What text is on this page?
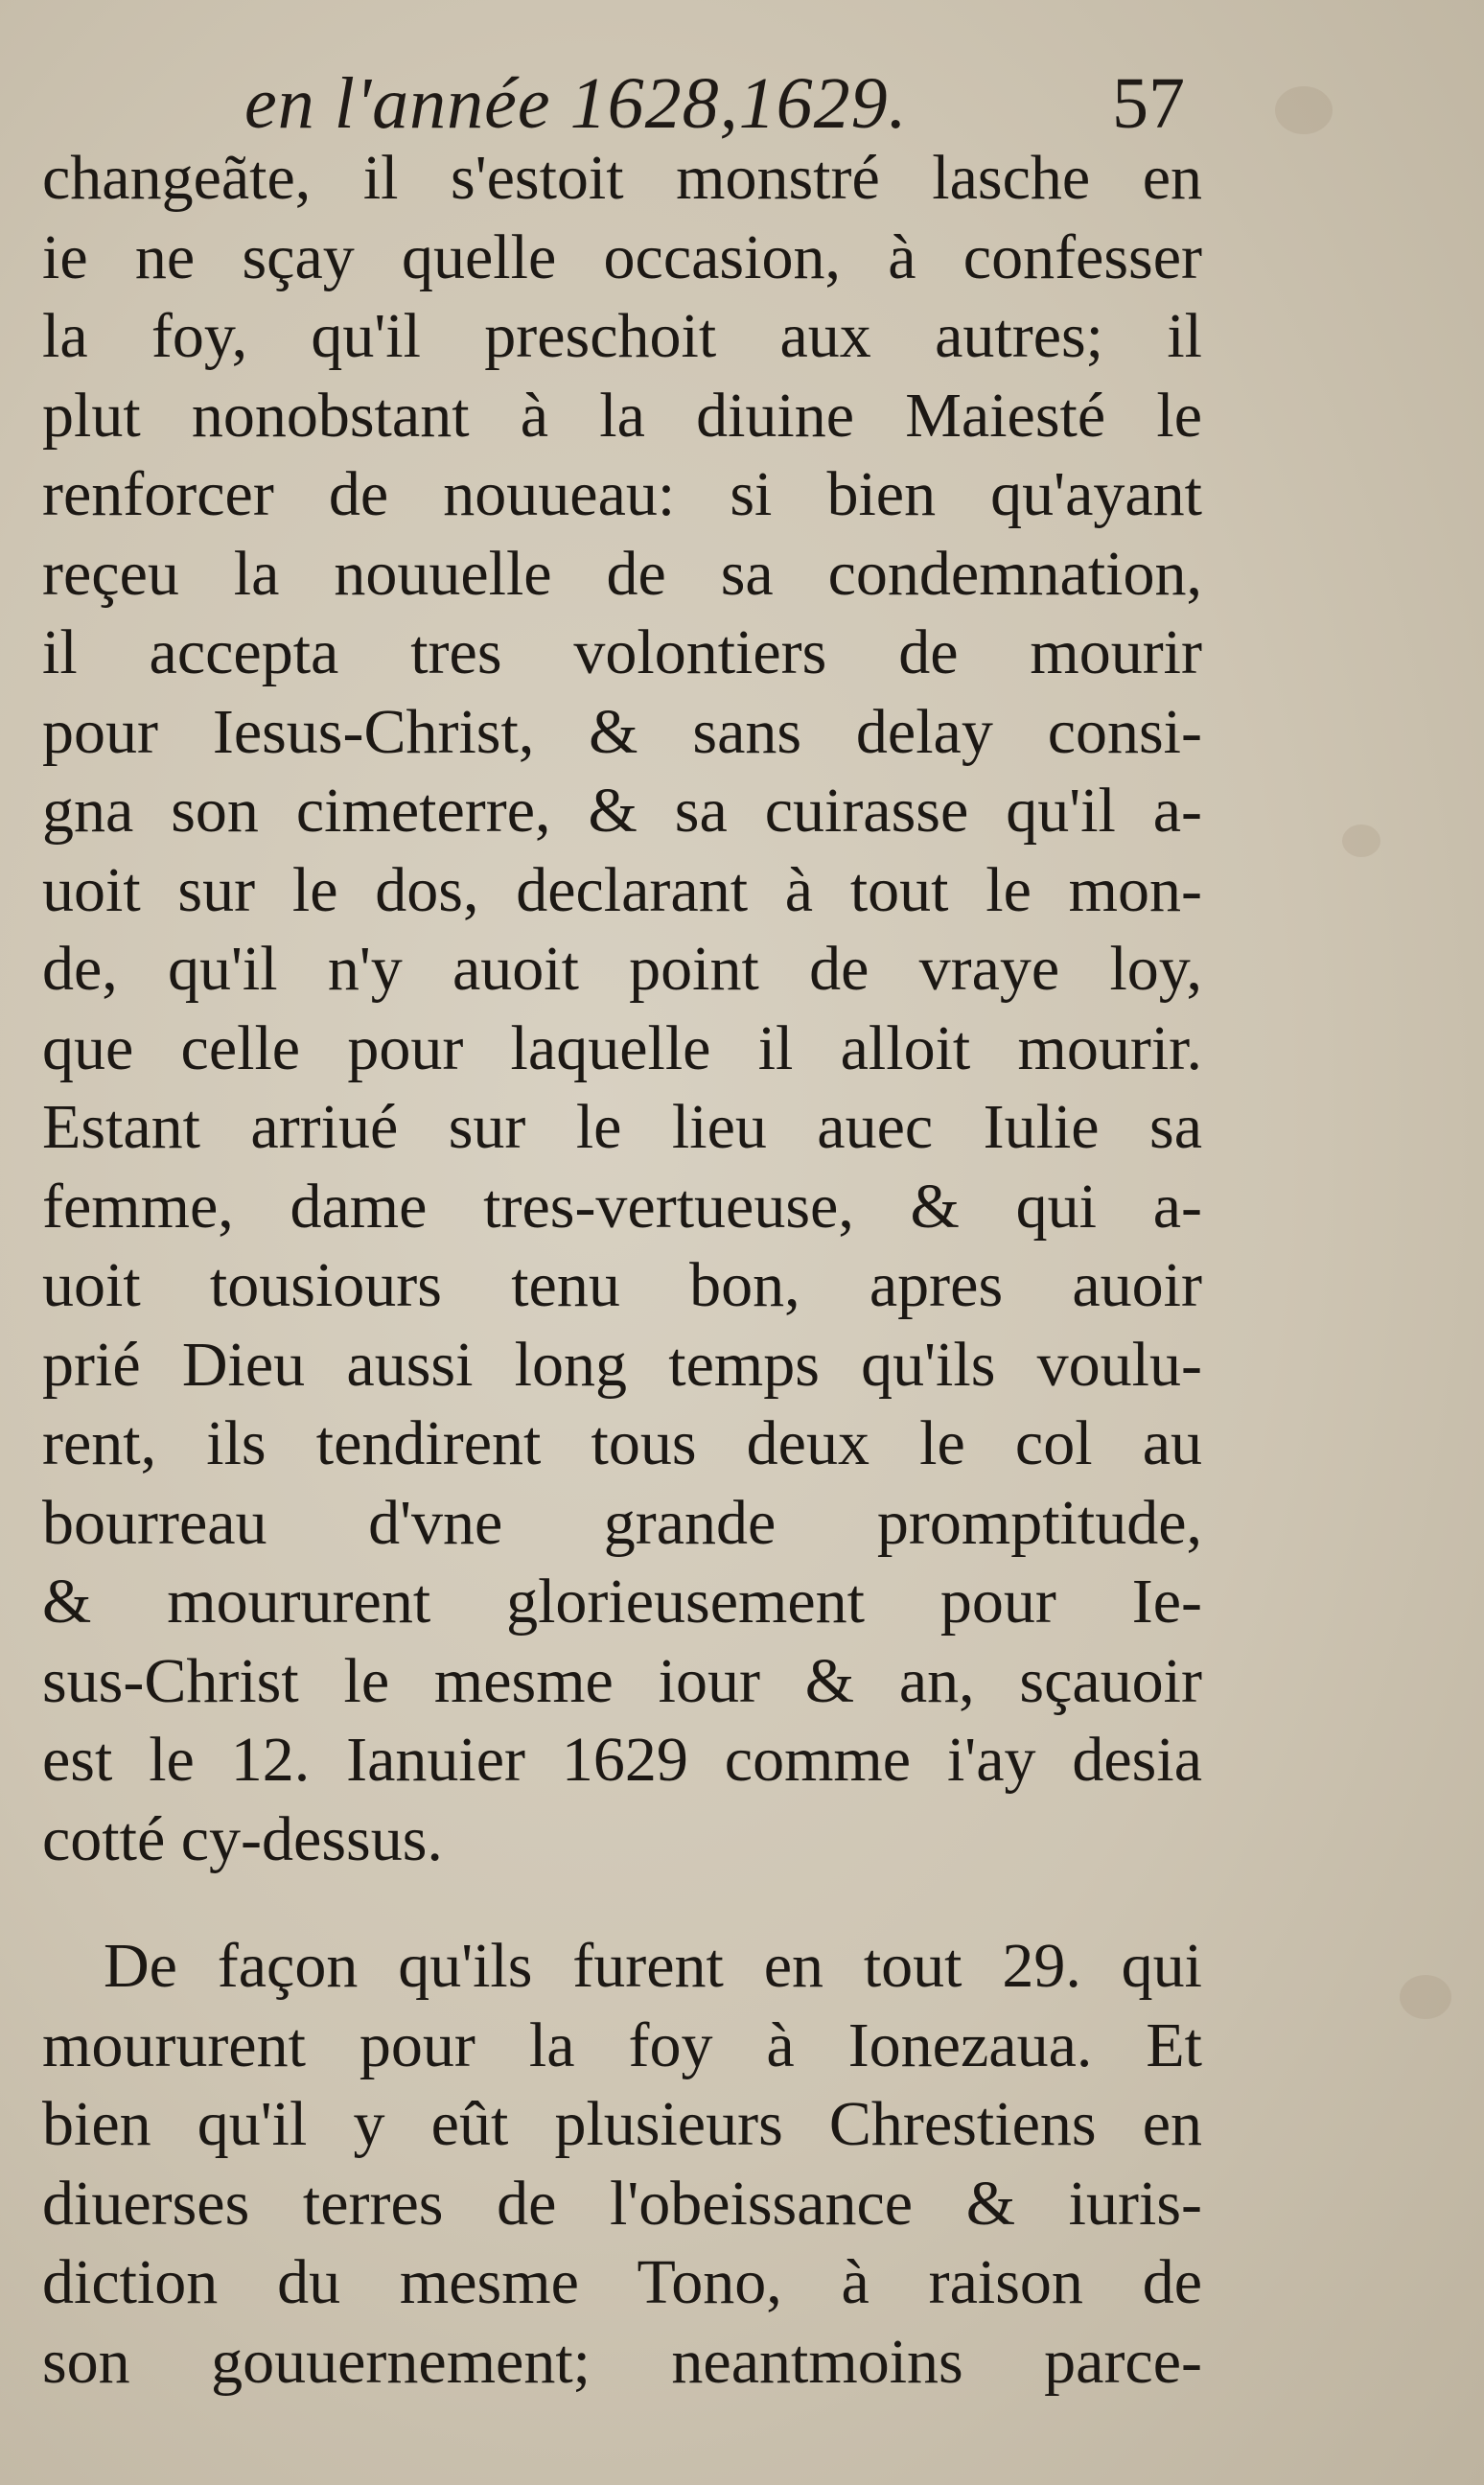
en l'année 1628,1629.	57
changeãte, il s'estoit monstré lasche en
ie ne sçay quelle occasion, à confesser
la foy, qu'il preschoit aux autres; il
plut nonobstant à la diuine Maiesté le
renforcer de nouueau: si bien qu'ayant
reçeu la nouuelle de sa condemnation,
il accepta tres volontiers de mourir
pour Iesus-Christ, & sans delay consi-
gna son cimeterre, & sa cuirasse qu'il a-
uoit sur le dos, declarant à tout le mon-
de, qu'il n'y auoit point de vraye loy,
que celle pour laquelle il alloit mourir.
Estant arriué sur le lieu auec Iulie sa
femme, dame tres-vertueuse, & qui a-
uoit tousiours tenu bon, apres auoir
prié Dieu aussi long temps qu'ils voulu-
rent, ils tendirent tous deux le col au
bourreau d'vne grande promptitude,
& moururent glorieusement pour Ie-
sus-Christ le mesme iour & an, sçauoir
est le 12. Ianuier 1629 comme i'ay desia
cotté cy-dessus.
De façon qu'ils furent en tout 29. qui
moururent pour la foy à Ionezaua. Et
bien qu'il y eût plusieurs Chrestiens en
diuerses terres de l'obeissance & iuris-
diction du mesme Tono, à raison de
son gouuernement; neantmoins parce-
